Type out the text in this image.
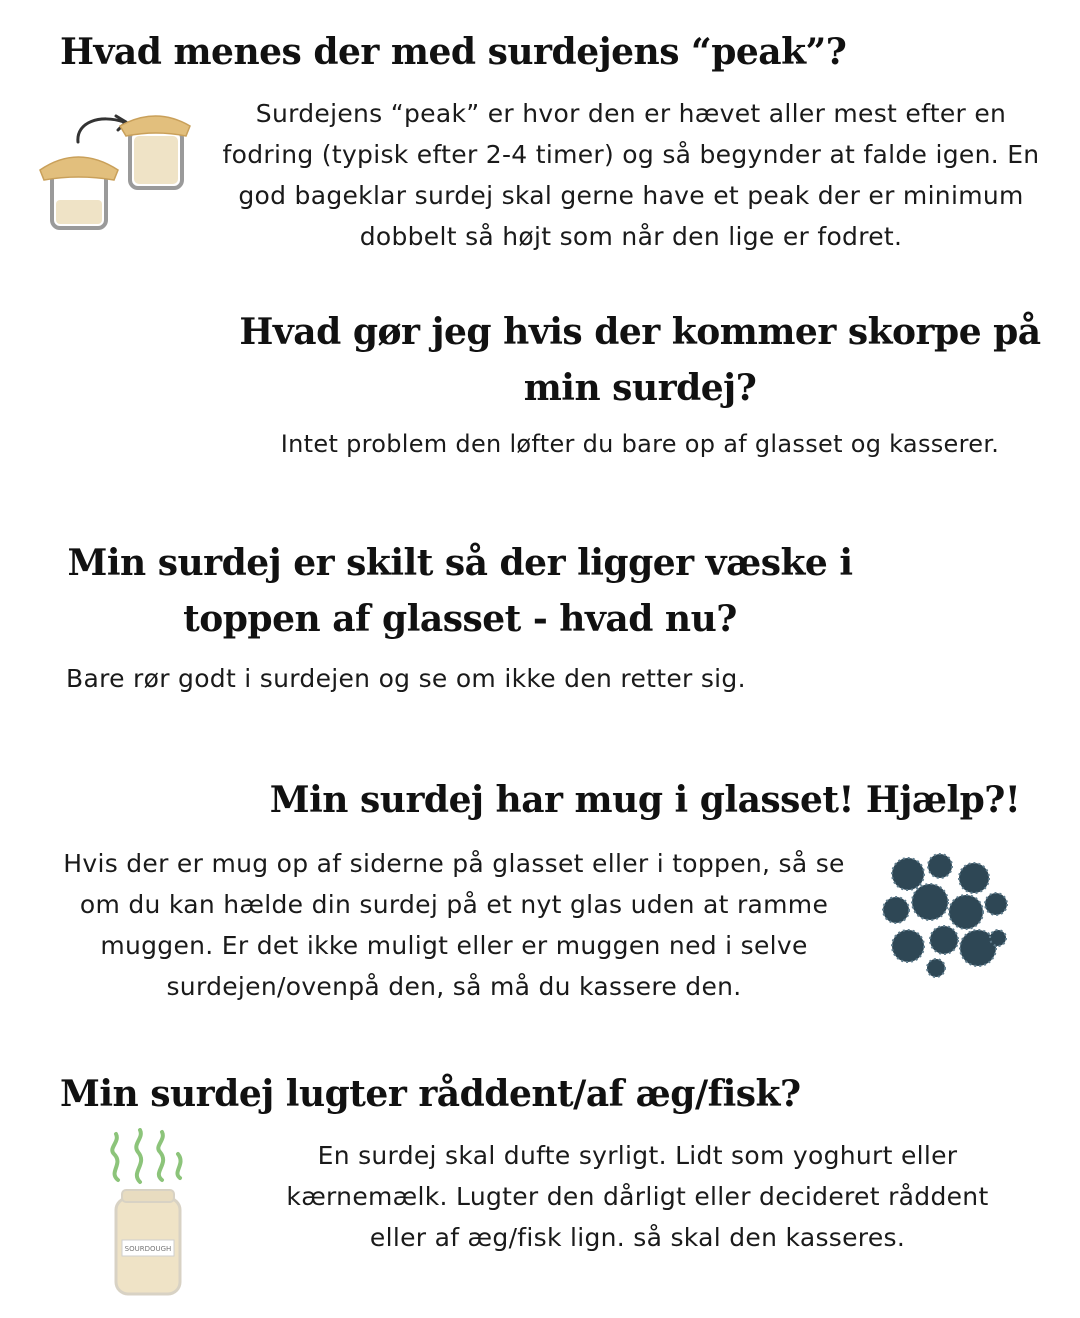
Hvad menes der med surdejens “peak”?

Surdejens “peak” er hvor den er hævet aller mest efter en fodring (typisk efter 2-4 timer) og så begynder at falde igen. En god bageklar surdej skal gerne have et peak der er minimum dobbelt så højt som når den lige er fodret.

Hvad gør jeg hvis der kommer skorpe på min surdej?

Intet problem den løfter du bare op af glasset og kasserer.

Min surdej er skilt så der ligger væske i toppen af glasset - hvad nu?

Bare rør godt i surdejen og se om ikke den retter sig.

Min surdej har mug i glasset! Hjælp?!

Hvis der er mug op af siderne på glasset eller i toppen, så se om du kan hælde din surdej på et nyt glas uden at ramme muggen. Er det ikke muligt eller er muggen ned i selve surdejen/ovenpå den, så må du kassere den.

Min surdej lugter råddent/af æg/fisk?
SOURDOUGH

En surdej skal dufte syrligt. Lidt som yoghurt eller kærnemælk. Lugter den dårligt eller decideret råddent eller af æg/fisk lign. så skal den kasseres.
